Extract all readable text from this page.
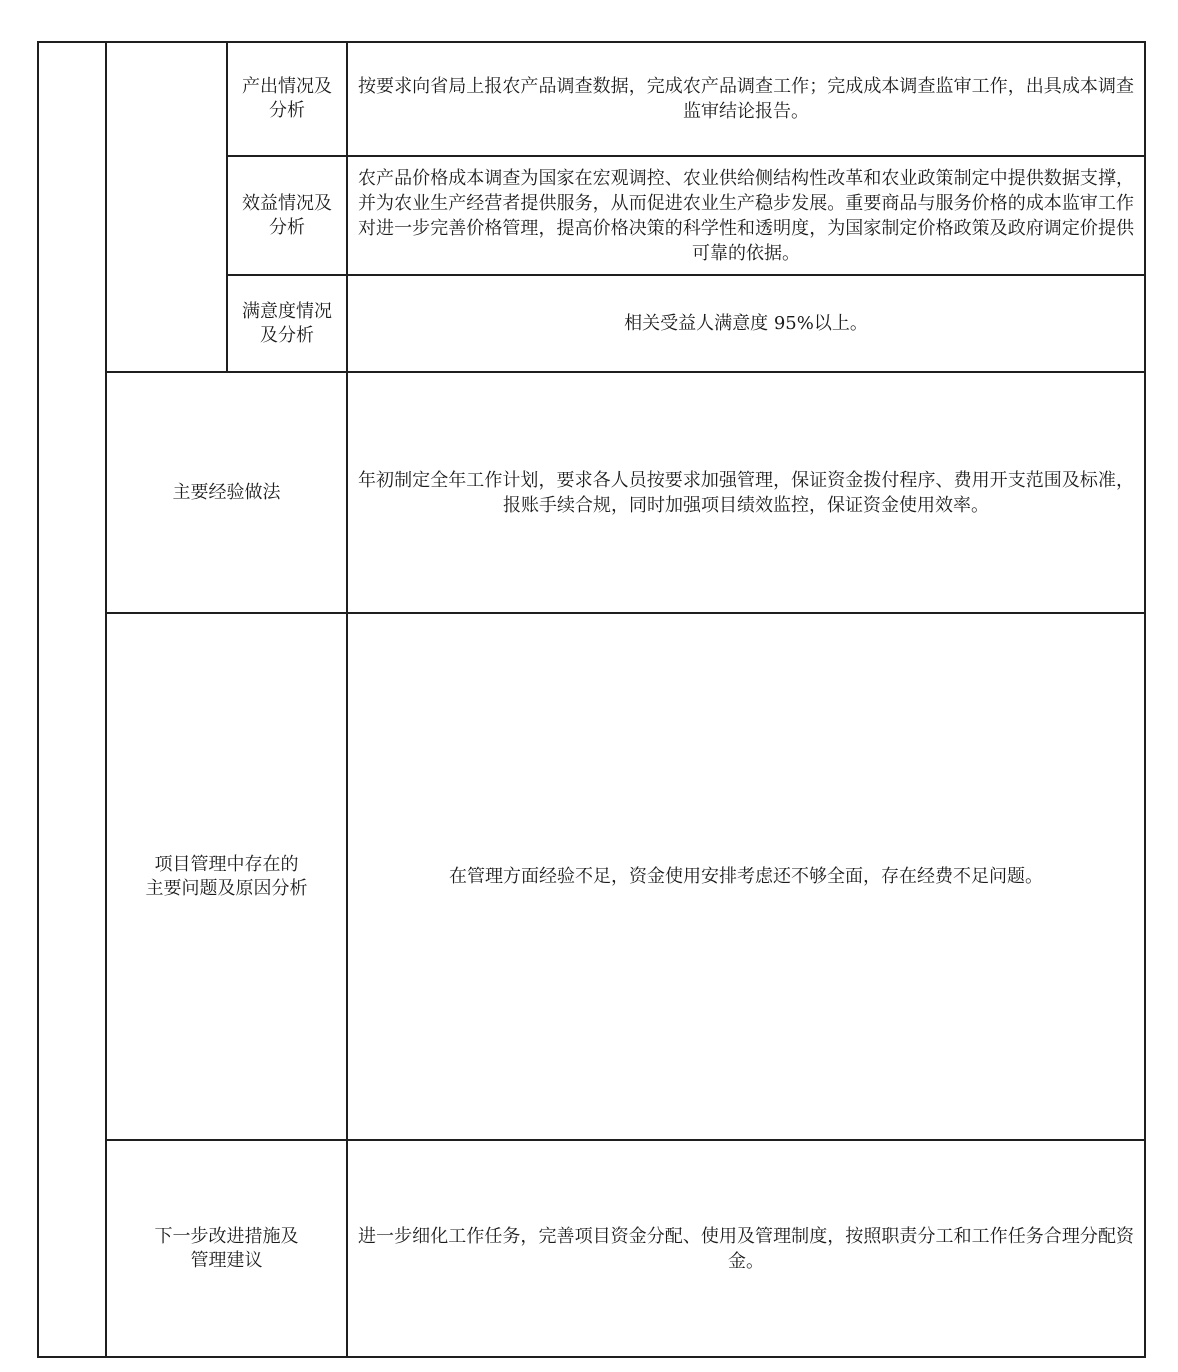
产出情况及
分析
按要求向省局上报农产品调查数据，完成农产品调查工作；完成成本调查监审工作，出具成本调查监审结论报告。
效益情况及
分析
农产品价格成本调查为国家在宏观调控、农业供给侧结构性改革和农业政策制定中提供数据支撑，并为农业生产经营者提供服务，从而促进农业生产稳步发展。重要商品与服务价格的成本监审工作对进一步完善价格管理，提高价格决策的科学性和透明度，为国家制定价格政策及政府调定价提供可靠的依据。
满意度情况
及分析
相关受益人满意度 95%以上。
主要经验做法
年初制定全年工作计划，要求各人员按要求加强管理，保证资金拨付程序、费用开支范围及标准，报账手续合规，同时加强项目绩效监控，保证资金使用效率。
项目管理中存在的
主要问题及原因分析
在管理方面经验不足，资金使用安排考虑还不够全面，存在经费不足问题。
下一步改进措施及
管理建议
进一步细化工作任务，完善项目资金分配、使用及管理制度，按照职责分工和工作任务合理分配资金。
